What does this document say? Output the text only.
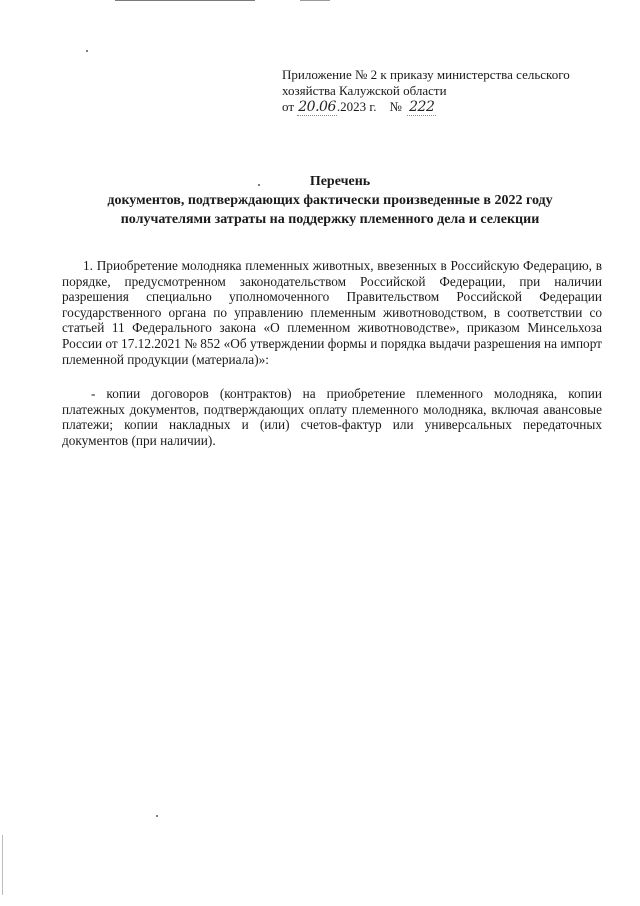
Приложение № 2 к приказу министерства сельского
хозяйства Калужской области
от 20.06.2023 г. № 222
Перечень
документов, подтверждающих фактически произведенные в 2022 году
получателями затраты на поддержку племенного дела и селекции
1. Приобретение молодняка племенных животных, ввезенных в Российскую Федерацию, в порядке, предусмотренном законодательством Российской Федерации, при наличии разрешения специально уполномоченного Правительством Российской Федерации государственного органа по управлению племенным животноводством, в соответствии со статьей 11 Федерального закона «О племенном животноводстве», приказом Минсельхоза России от 17.12.2021 № 852 «Об утверждении формы и порядка выдачи разрешения на импорт племенной продукции (материала)»:
- копии договоров (контрактов) на приобретение племенного молодняка, копии платежных документов, подтверждающих оплату племенного молодняка, включая авансовые платежи; копии накладных и (или) счетов-фактур или универсальных передаточных документов (при наличии).
